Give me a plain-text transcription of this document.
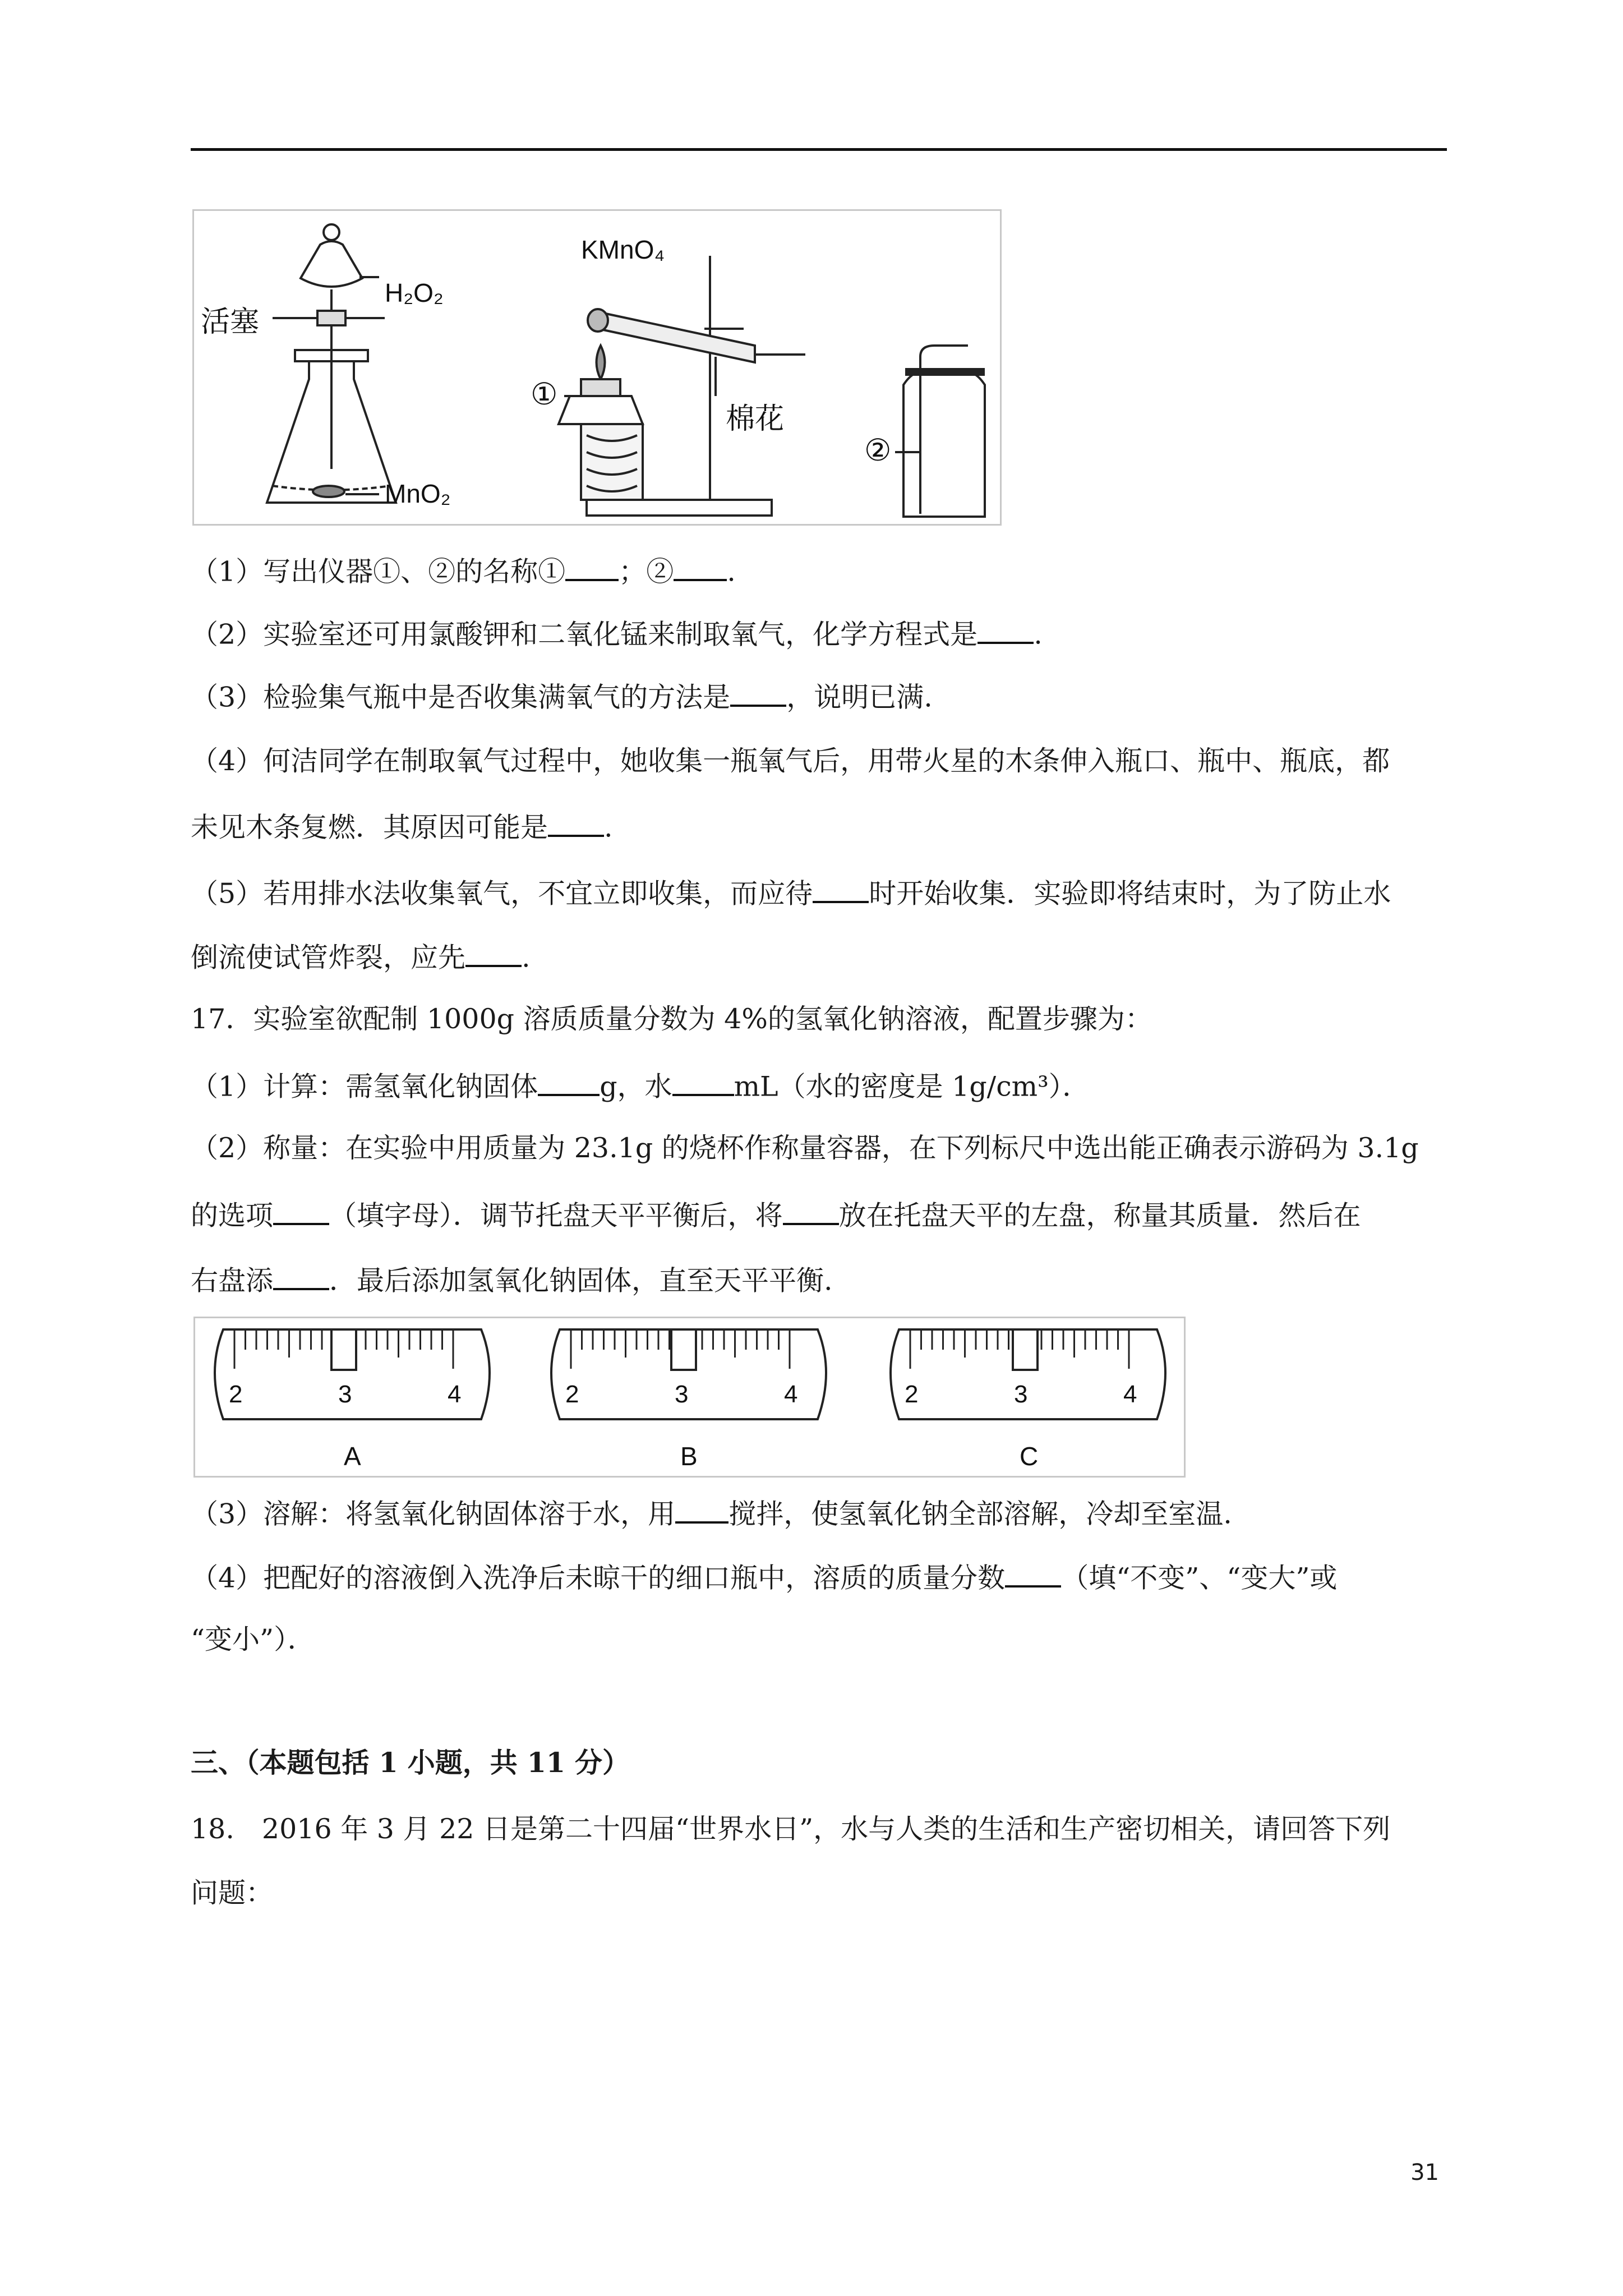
H₂O₂
活塞
MnO₂
KMnO₄
棉花
①
②
（1）写出仪器①、②的名称① ；② .
（2）实验室还可用氯酸钾和二氧化锰来制取氧气，化学方程式是 .
（3）检验集气瓶中是否收集满氧气的方法是 ，说明已满.
（4）何洁同学在制取氧气过程中，她收集一瓶氧气后，用带火星的木条伸入瓶口、瓶中、瓶底，都
未见木条复燃．其原因可能是 .
（5）若用排水法收集氧气，不宜立即收集，而应待 时开始收集．实验即将结束时，为了防止水
倒流使试管炸裂，应先 .
17．实验室欲配制 1000g 溶质质量分数为 4%的氢氧化钠溶液，配置步骤为：
（1）计算：需氢氧化钠固体 g，水 mL（水的密度是 1g/cm³）．
（2）称量：在实验中用质量为 23.1g 的烧杯作称量容器，在下列标尺中选出能正确表示游码为 3.1g
的选项 （填字母）．调节托盘天平平衡后，将 放在托盘天平的左盘，称量其质量．然后在
右盘添 ．最后添加氢氧化钠固体，直至天平平衡.
2	3	4
A
2	3	4
B
2	3	4
C
（3）溶解：将氢氧化钠固体溶于水，用 搅拌，使氢氧化钠全部溶解，冷却至室温.
（4）把配好的溶液倒入洗净后未晾干的细口瓶中，溶质的质量分数 （填“不变”、“变大”或
“变小”）．
三、（本题包括 1 小题，共 11 分）
18.　2016 年 3 月 22 日是第二十四届“世界水日”，水与人类的生活和生产密切相关，请回答下列
问题：
31
